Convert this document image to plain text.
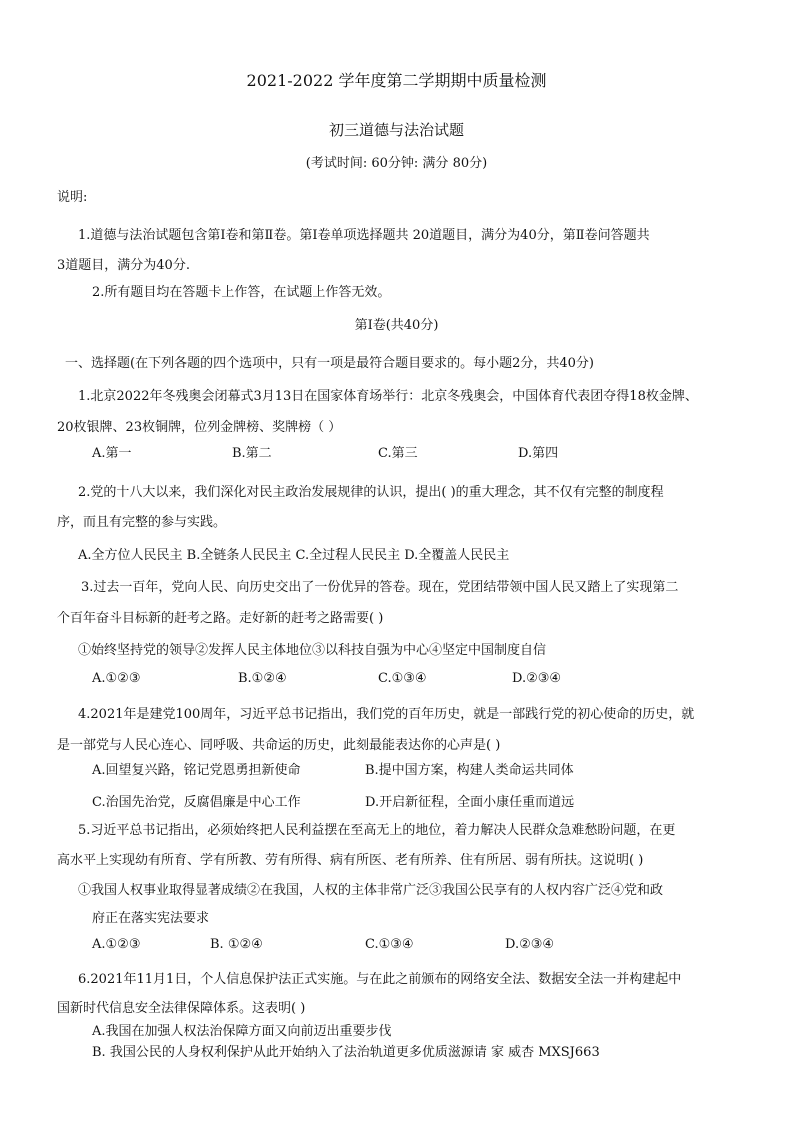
2021-2022 学年度第二学期期中质量检测
初三道德与法治试题
(考试时间: 60分钟: 满分 80分)
说明:
1.道德与法治试题包含第Ⅰ卷和第Ⅱ卷。第Ⅰ卷单项选择题共 20道题目，满分为40分，第Ⅱ卷问答题共
3道题目，满分为40分.
2.所有题目均在答题卡上作答，在试题上作答无效。
第Ⅰ卷(共40分)
一、选择题(在下列各题的四个选项中，只有一项是最符合题目要求的。每小题2分，共40分)
1.北京2022年冬残奥会闭幕式3月13日在国家体育场举行：北京冬残奥会，中国体育代表团夺得18枚金牌、
20枚银牌、23枚铜牌，位列金牌榜、奖牌榜（ ）
A.第一	B.第二	C.第三	D.第四
2.党的十八大以来，我们深化对民主政治发展规律的认识，提出( )的重大理念，其不仅有完整的制度程
序，而且有完整的参与实践。
A.全方位人民民主 B.全链条人民民主 C.全过程人民民主 D.全覆盖人民民主
3.过去一百年，党向人民、向历史交出了一份优异的答卷。现在，党团结带领中国人民又踏上了实现第二
个百年奋斗目标新的赶考之路。走好新的赶考之路需要( )
①始终坚持党的领导②发挥人民主体地位③以科技自强为中心④坚定中国制度自信
A.①②③	B.①②④	C.①③④	D.②③④
4.2021年是建党100周年，习近平总书记指出，我们党的百年历史，就是一部践行党的初心使命的历史，就
是一部党与人民心连心、同呼吸、共命运的历史，此刻最能表达你的心声是( )
A.回望复兴路，铭记党恩勇担新使命	B.提中国方案，构建人类命运共同体
C.治国先治党，反腐倡廉是中心工作	D.开启新征程，全面小康任重而道远
5.习近平总书记指出，必须始终把人民利益摆在至高无上的地位，着力解决人民群众急难愁盼问题，在更
高水平上实现幼有所育、学有所教、劳有所得、病有所医、老有所养、住有所居、弱有所扶。这说明( )
①我国人权事业取得显著成绩②在我国，人权的主体非常广泛③我国公民享有的人权内容广泛④党和政
府正在落实宪法要求
A.①②③	B. ①②④	C.①③④	D.②③④
6.2021年11月1日，个人信息保护法正式实施。与在此之前颁布的网络安全法、数据安全法一并构建起中
国新时代信息安全法律保障体系。这表明( )
A.我国在加强人权法治保障方面又向前迈出重要步伐
B. 我国公民的人身权利保护从此开始纳入了法治轨道更多优质滋源请 家 威杏 MXSJ663
